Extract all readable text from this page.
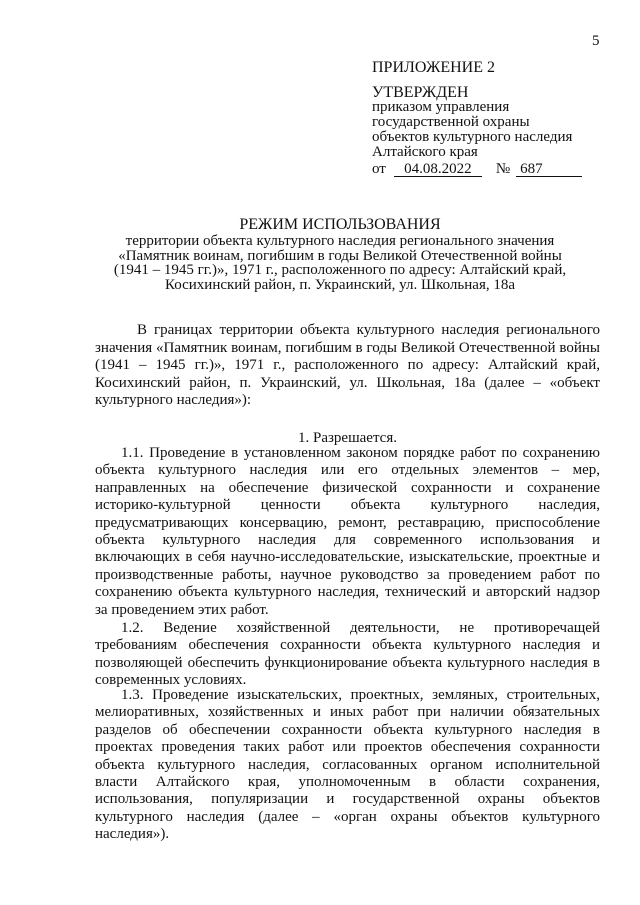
5
ПРИЛОЖЕНИЕ 2
УТВЕРЖДЕН
приказом управления
государственной охраны
объектов культурного наследия
Алтайского края
от 04.08.2022 № 687
РЕЖИМ ИСПОЛЬЗОВАНИЯ
территории объекта культурного наследия регионального значения «Памятник воинам, погибшим в годы Великой Отечественной войны (1941 – 1945 гг.)», 1971 г., расположенного по адресу: Алтайский край, Косихинский район, п. Украинский, ул. Школьная, 18а
В границах территории объекта культурного наследия регионального значения «Памятник воинам, погибшим в годы Великой Отечественной войны (1941 – 1945 гг.)», 1971 г., расположенного по адресу: Алтайский край, Косихинский район, п. Украинский, ул. Школьная, 18а (далее – «объект культурного наследия»):
1. Разрешается.
1.1. Проведение в установленном законом порядке работ по сохранению объекта культурного наследия или его отдельных элементов – мер, направленных на обеспечение физической сохранности и сохранение историко-культурной ценности объекта культурного наследия, предусматривающих консервацию, ремонт, реставрацию, приспособление объекта культурного наследия для современного использования и включающих в себя научно-исследовательские, изыскательские, проектные и производственные работы, научное руководство за проведением работ по сохранению объекта культурного наследия, технический и авторский надзор за проведением этих работ.
1.2. Ведение хозяйственной деятельности, не противоречащей требованиям обеспечения сохранности объекта культурного наследия и позволяющей обеспечить функционирование объекта культурного наследия в современных условиях.
1.3. Проведение изыскательских, проектных, земляных, строительных, мелиоративных, хозяйственных и иных работ при наличии обязательных разделов об обеспечении сохранности объекта культурного наследия в проектах проведения таких работ или проектов обеспечения сохранности объекта культурного наследия, согласованных органом исполнительной власти Алтайского края, уполномоченным в области сохранения, использования, популяризации и государственной охраны объектов культурного наследия (далее – «орган охраны объектов культурного наследия»).
